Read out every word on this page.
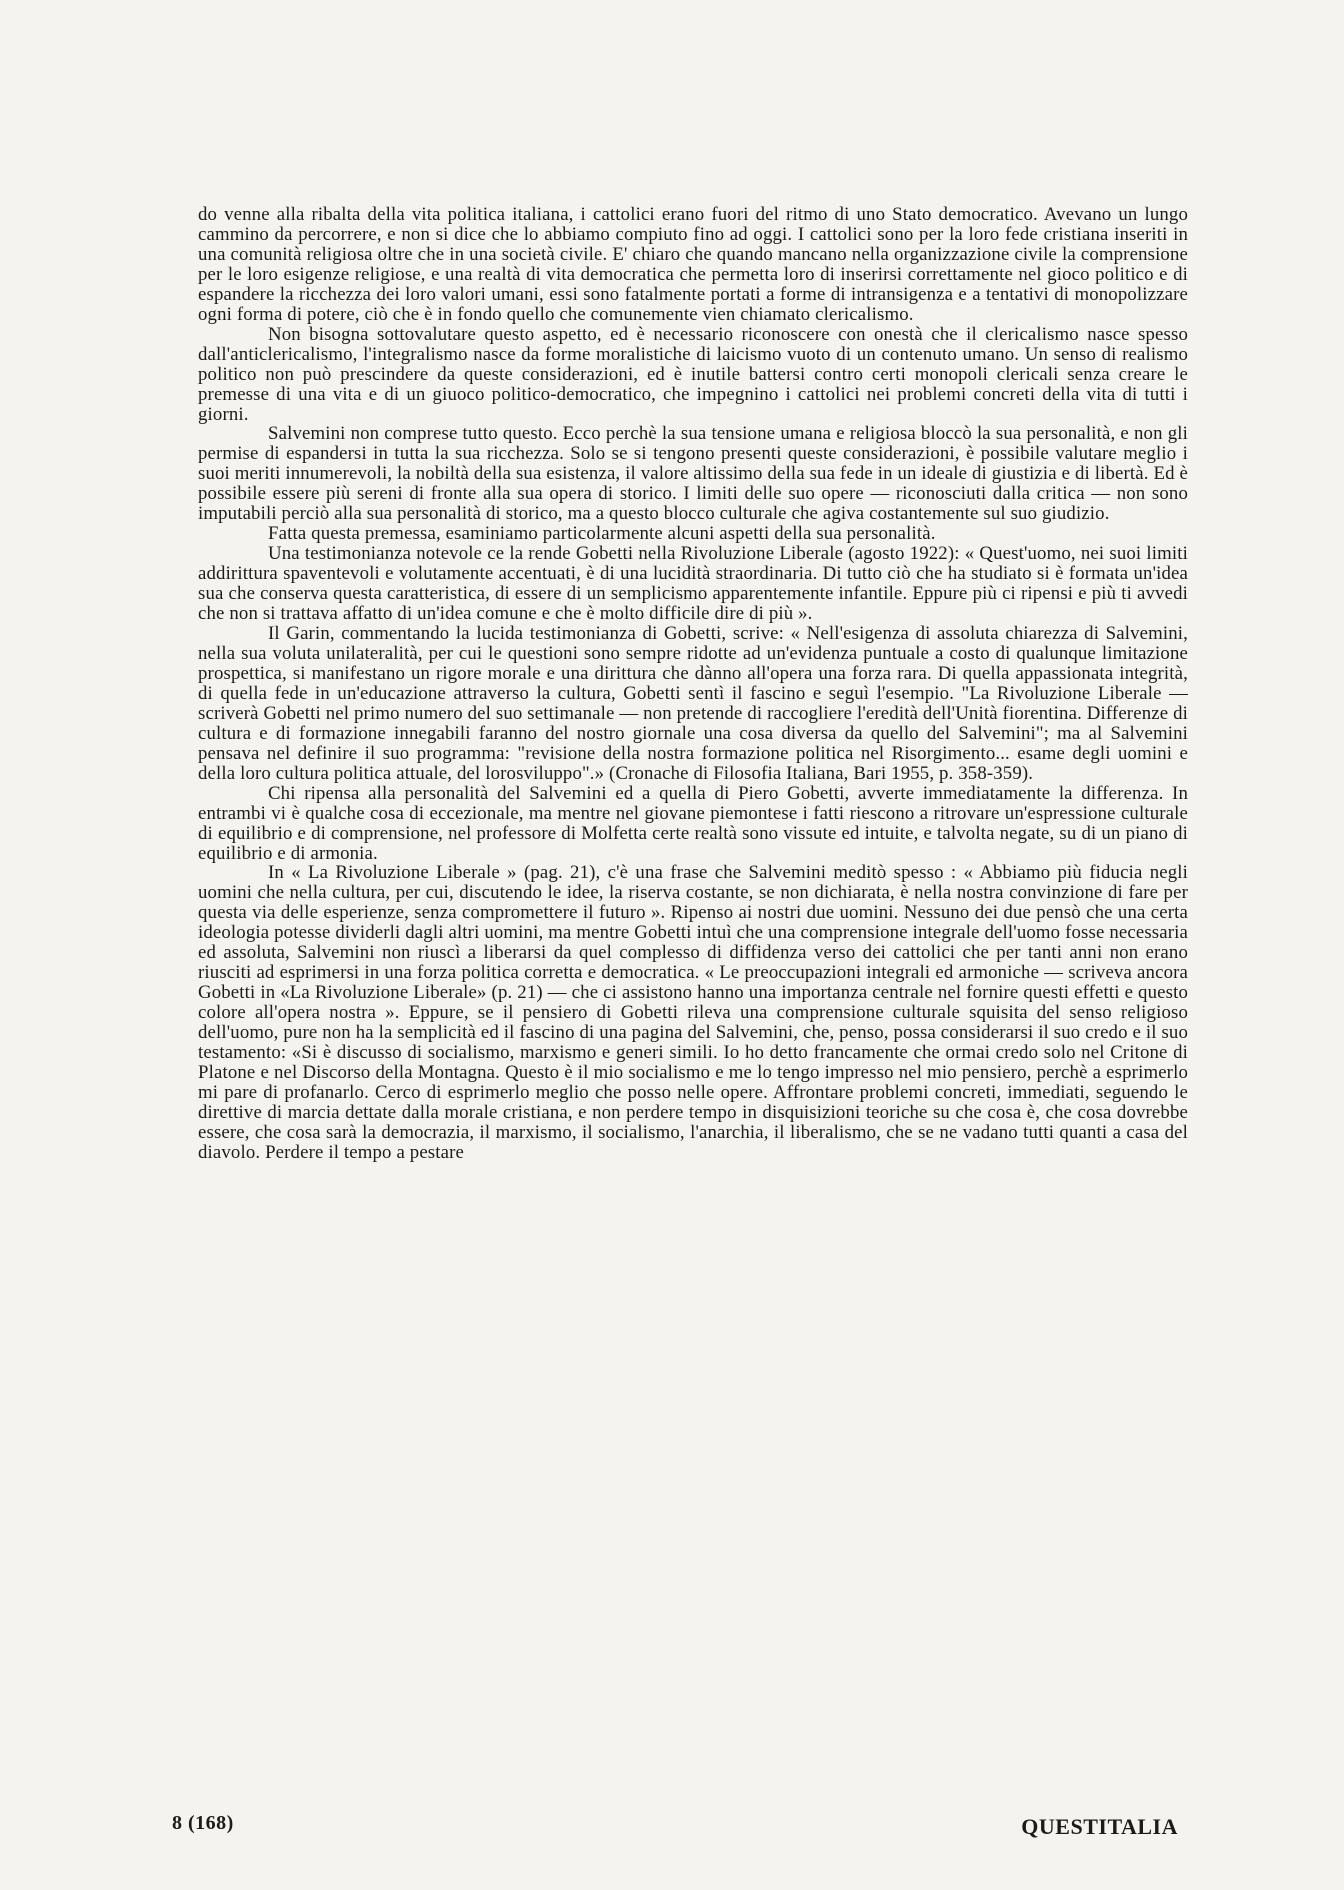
do venne alla ribalta della vita politica italiana, i cattolici erano fuori del ritmo di uno Stato democratico. Avevano un lungo cammino da percorrere, e non si dice che lo abbiamo compiuto fino ad oggi. I cattolici sono per la loro fede cristiana inseriti in una comunità religiosa oltre che in una società civile. E' chiaro che quando mancano nella organizzazione civile la comprensione per le loro esigenze religiose, e una realtà di vita democratica che permetta loro di inserirsi correttamente nel gioco politico e di espandere la ricchezza dei loro valori umani, essi sono fatalmente portati a forme di intransigenza e a tentativi di monopolizzare ogni forma di potere, ciò che è in fondo quello che comunemente vien chiamato clericalismo.

Non bisogna sottovalutare questo aspetto, ed è necessario riconoscere con onestà che il clericalismo nasce spesso dall'anticlericalismo, l'integralismo nasce da forme moralistiche di laicismo vuoto di un contenuto umano. Un senso di realismo politico non può prescindere da queste considerazioni, ed è inutile battersi contro certi monopoli clericali senza creare le premesse di una vita e di un giuoco politico-democratico, che impegnino i cattolici nei problemi concreti della vita di tutti i giorni.

Salvemini non comprese tutto questo. Ecco perchè la sua tensione umana e religiosa bloccò la sua personalità, e non gli permise di espandersi in tutta la sua ricchezza. Solo se si tengono presenti queste considerazioni, è possibile valutare meglio i suoi meriti innumerevoli, la nobiltà della sua esistenza, il valore altissimo della sua fede in un ideale di giustizia e di libertà. Ed è possibile essere più sereni di fronte alla sua opera di storico. I limiti delle suo opere — riconosciuti dalla critica — non sono imputabili perciò alla sua personalità di storico, ma a questo blocco culturale che agiva costantemente sul suo giudizio.

Fatta questa premessa, esaminiamo particolarmente alcuni aspetti della sua personalità.

Una testimonianza notevole ce la rende Gobetti nella Rivoluzione Liberale (agosto 1922): « Quest'uomo, nei suoi limiti addirittura spaventevoli e volutamente accentuati, è di una lucidità straordinaria. Di tutto ciò che ha studiato si è formata un'idea sua che conserva questa caratteristica, di essere di un semplicismo apparentemente infantile. Eppure più ci ripensi e più ti avvedi che non si trattava affatto di un'idea comune e che è molto difficile dire di più ».

Il Garin, commentando la lucida testimonianza di Gobetti, scrive: « Nell'esigenza di assoluta chiarezza di Salvemini, nella sua voluta unilateralità, per cui le questioni sono sempre ridotte ad un'evidenza puntuale a costo di qualunque limitazione prospettica, si manifestano un rigore morale e una dirittura che dànno all'opera una forza rara. Di quella appassionata integrità, di quella fede in un'educazione attraverso la cultura, Gobetti sentì il fascino e seguì l'esempio. "La Rivoluzione Liberale — scriverà Gobetti nel primo numero del suo settimanale — non pretende di raccogliere l'eredità dell'Unità fiorentina. Differenze di cultura e di formazione innegabili faranno del nostro giornale una cosa diversa da quello del Salvemini"; ma al Salvemini pensava nel definire il suo programma: "revisione della nostra formazione politica nel Risorgimento... esame degli uomini e della loro cultura politica attuale, del lorosviluppo".» (Cronache di Filosofia Italiana, Bari 1955, p. 358-359).

Chi ripensa alla personalità del Salvemini ed a quella di Piero Gobetti, avverte immediatamente la differenza. In entrambi vi è qualche cosa di eccezionale, ma mentre nel giovane piemontese i fatti riescono a ritrovare un'espressione culturale di equilibrio e di comprensione, nel professore di Molfetta certe realtà sono vissute ed intuite, e talvolta negate, su di un piano di equilibrio e di armonia.

In « La Rivoluzione Liberale » (pag. 21), c'è una frase che Salvemini meditò spesso : « Abbiamo più fiducia negli uomini che nella cultura, per cui, discutendo le idee, la riserva costante, se non dichiarata, è nella nostra convinzione di fare per questa via delle esperienze, senza compromettere il futuro ». Ripenso ai nostri due uomini. Nessuno dei due pensò che una certa ideologia potesse dividerli dagli altri uomini, ma mentre Gobetti intuì che una comprensione integrale dell'uomo fosse necessaria ed assoluta, Salvemini non riuscì a liberarsi da quel complesso di diffidenza verso dei cattolici che per tanti anni non erano riusciti ad esprimersi in una forza politica corretta e democratica. « Le preoccupazioni integrali ed armoniche — scriveva ancora Gobetti in «La Rivoluzione Liberale» (p. 21) — che ci assistono hanno una importanza centrale nel fornire questi effetti e questo colore all'opera nostra ». Eppure, se il pensiero di Gobetti rileva una comprensione culturale squisita del senso religioso dell'uomo, pure non ha la semplicità ed il fascino di una pagina del Salvemini, che, penso, possa considerarsi il suo credo e il suo testamento: «Si è discusso di socialismo, marxismo e generi simili. Io ho detto francamente che ormai credo solo nel Critone di Platone e nel Discorso della Montagna. Questo è il mio socialismo e me lo tengo impresso nel mio pensiero, perchè a esprimerlo mi pare di profanarlo. Cerco di esprimerlo meglio che posso nelle opere. Affrontare problemi concreti, immediati, seguendo le direttive di marcia dettate dalla morale cristiana, e non perdere tempo in disquisizioni teoriche su che cosa è, che cosa dovrebbe essere, che cosa sarà la democrazia, il marxismo, il socialismo, l'anarchia, il liberalismo, che se ne vadano tutti quanti a casa del diavolo. Perdere il tempo a pestare

8 (168)	QUESTITALIA
